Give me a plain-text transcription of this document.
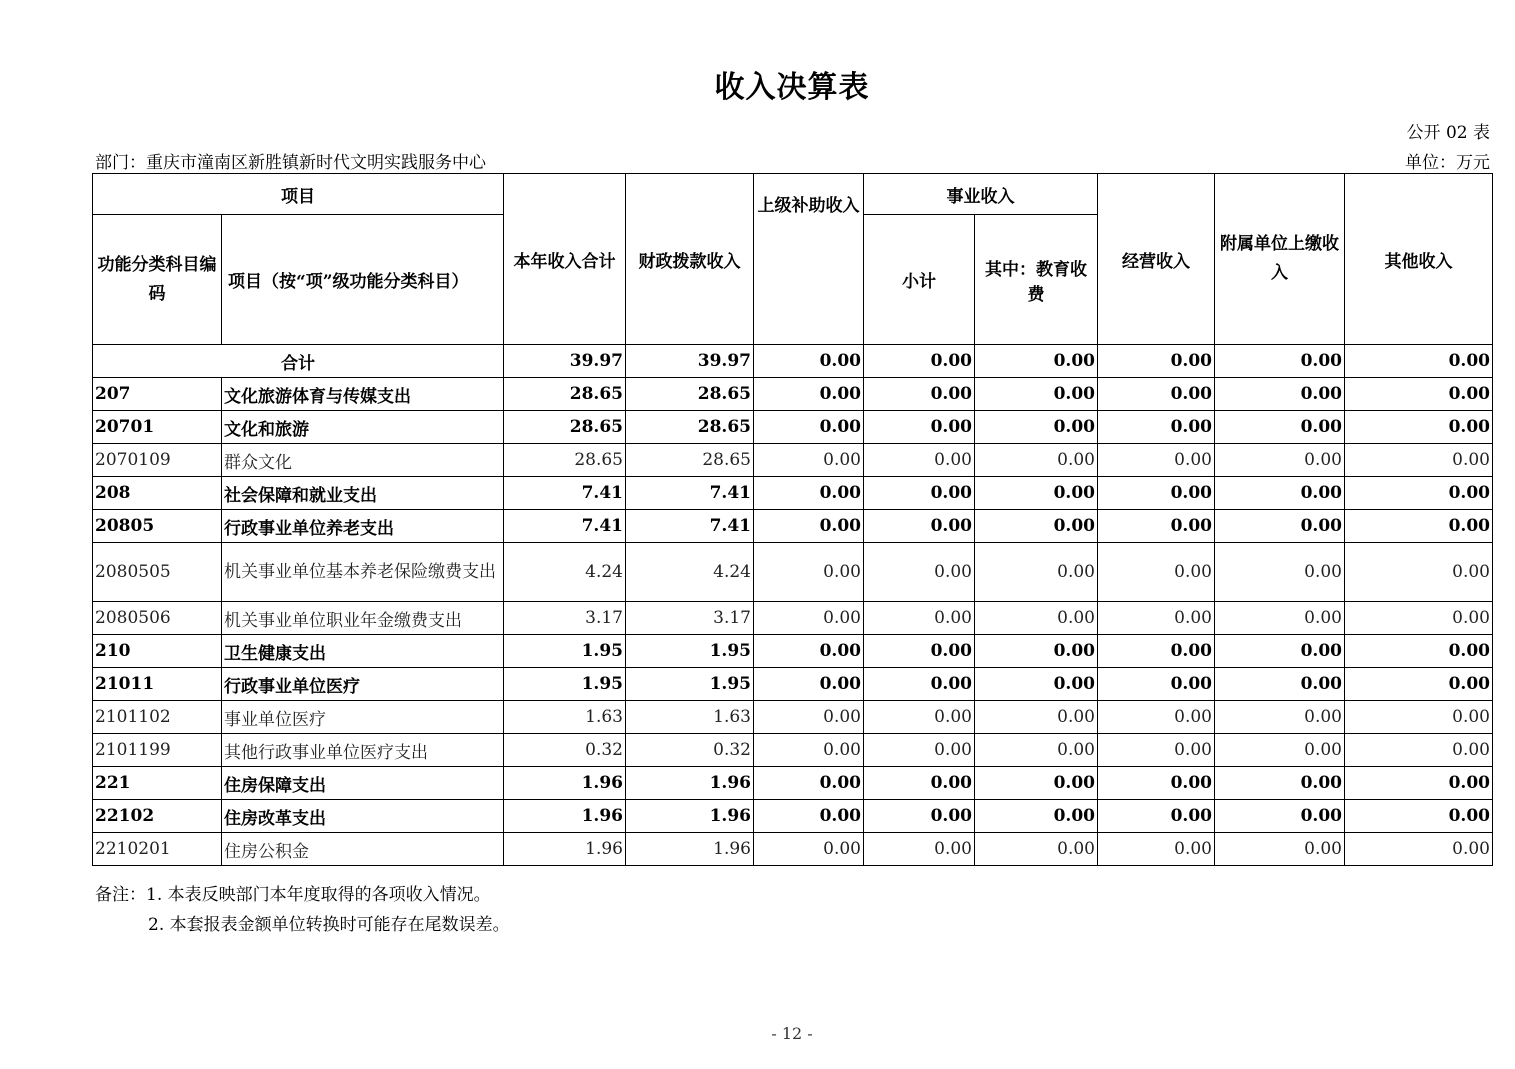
收入决算表
公开 02 表
部门：重庆市潼南区新胜镇新时代文明实践服务中心	单位：万元
项目		本年收入合计	财政拨款收入	上级补助收入	事业收入		经营收入	附属单位上缴收入	其他收入
功能分类科目编码	项目（按“项”级功能分类科目）				小计	其中：教育收费			
合计		39.97	39.97	0.00	0.00	0.00	0.00	0.00	0.00
207	文化旅游体育与传媒支出	28.65	28.65	0.00	0.00	0.00	0.00	0.00	0.00
20701	文化和旅游	28.65	28.65	0.00	0.00	0.00	0.00	0.00	0.00
2070109	群众文化	28.65	28.65	0.00	0.00	0.00	0.00	0.00	0.00
208	社会保障和就业支出	7.41	7.41	0.00	0.00	0.00	0.00	0.00	0.00
20805	行政事业单位养老支出	7.41	7.41	0.00	0.00	0.00	0.00	0.00	0.00
2080505	机关事业单位基本养老保险缴费支出	4.24	4.24	0.00	0.00	0.00	0.00	0.00	0.00
2080506	机关事业单位职业年金缴费支出	3.17	3.17	0.00	0.00	0.00	0.00	0.00	0.00
210	卫生健康支出	1.95	1.95	0.00	0.00	0.00	0.00	0.00	0.00
21011	行政事业单位医疗	1.95	1.95	0.00	0.00	0.00	0.00	0.00	0.00
2101102	事业单位医疗	1.63	1.63	0.00	0.00	0.00	0.00	0.00	0.00
2101199	其他行政事业单位医疗支出	0.32	0.32	0.00	0.00	0.00	0.00	0.00	0.00
221	住房保障支出	1.96	1.96	0.00	0.00	0.00	0.00	0.00	0.00
22102	住房改革支出	1.96	1.96	0.00	0.00	0.00	0.00	0.00	0.00
2210201	住房公积金	1.96	1.96	0.00	0.00	0.00	0.00	0.00	0.00
备注：1. 本表反映部门本年度取得的各项收入情况。
2. 本套报表金额单位转换时可能存在尾数误差。
- 12 -
